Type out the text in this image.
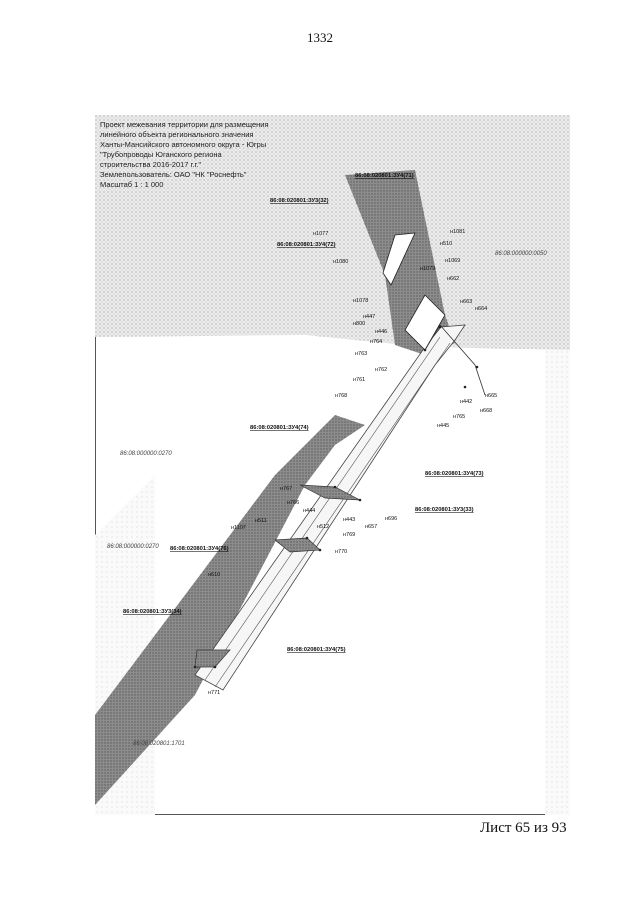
1332
Проект межевания территории для размещения
линейного объекта регионального значения
Ханты-Мансийского автономного округа - Югры
"Трубопроводы Юганского региона
строительства 2016-2017 г.г."
Землепользователь: ОАО "НК "Роснефть"
Масштаб 1 : 1 000
86:08:020801:ЗУ4(71)
86:08:020801:ЗУ3(32)
86:08:020801:ЗУ4(72)
86:08:020801:ЗУ4(74)
86:08:020801:ЗУ4(73)
86:08:020801:ЗУ3(33)
86:08:020801:ЗУ4(76)
86:08:020801:ЗУ3(34)
86:08:020801:ЗУ4(75)
86:08:000000:0050
86:08:000000:0270
86:08:000000:0270
86:08:020801:1701
н1077
н1080
н1078
н447
н800
н446
н764
н763
н762
н761
н768
н1081
н510
н1069
н1079
н662
н663
н664
н442
н665
н668
н765
н445
н767
н766
н444
н511
н1107
н443
н512
н696
н657
н769
н770
н610
н771
Лист 65 из 93
